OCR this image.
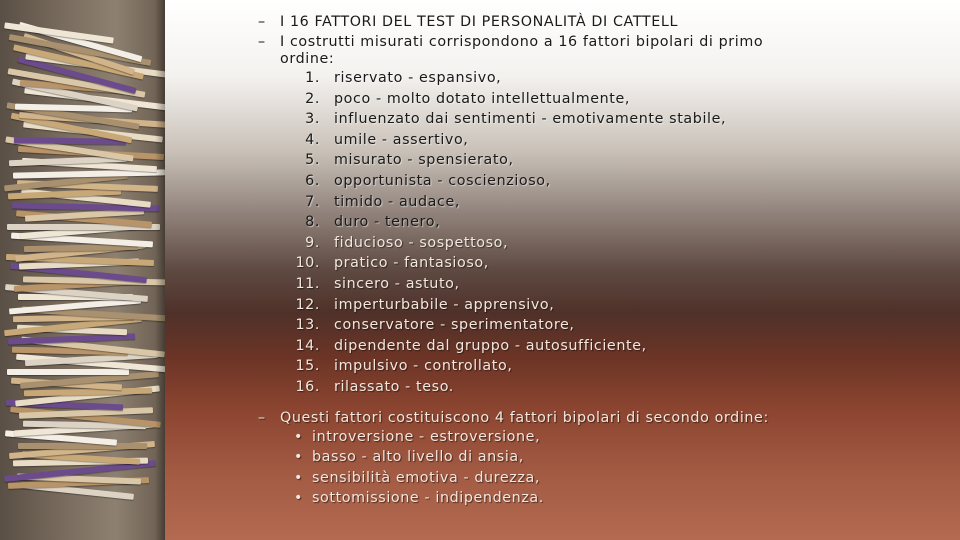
– I 16 FATTORI DEL TEST DI PERSONALITÀ DI CATTELL
– I costrutti misurati corrispondono a 16 fattori bipolari di primo ordine:
1. riservato - espansivo,
2. poco - molto dotato intellettualmente,
3. influenzato dai sentimenti - emotivamente stabile,
4. umile - assertivo,
5. misurato - spensierato,
6. opportunista - coscienzioso,
7. timido - audace,
8. duro - tenero,
9. fiducioso - sospettoso,
10. pratico - fantasioso,
11. sincero - astuto,
12. imperturbabile - apprensivo,
13. conservatore - sperimentatore,
14. dipendente dal gruppo - autosufficiente,
15. impulsivo - controllato,
16. rilassato - teso.
– Questi fattori costituiscono 4 fattori bipolari di secondo ordine:
• introversione - estroversione,
• basso - alto livello di ansia,
• sensibilità emotiva - durezza,
• sottomissione - indipendenza.
